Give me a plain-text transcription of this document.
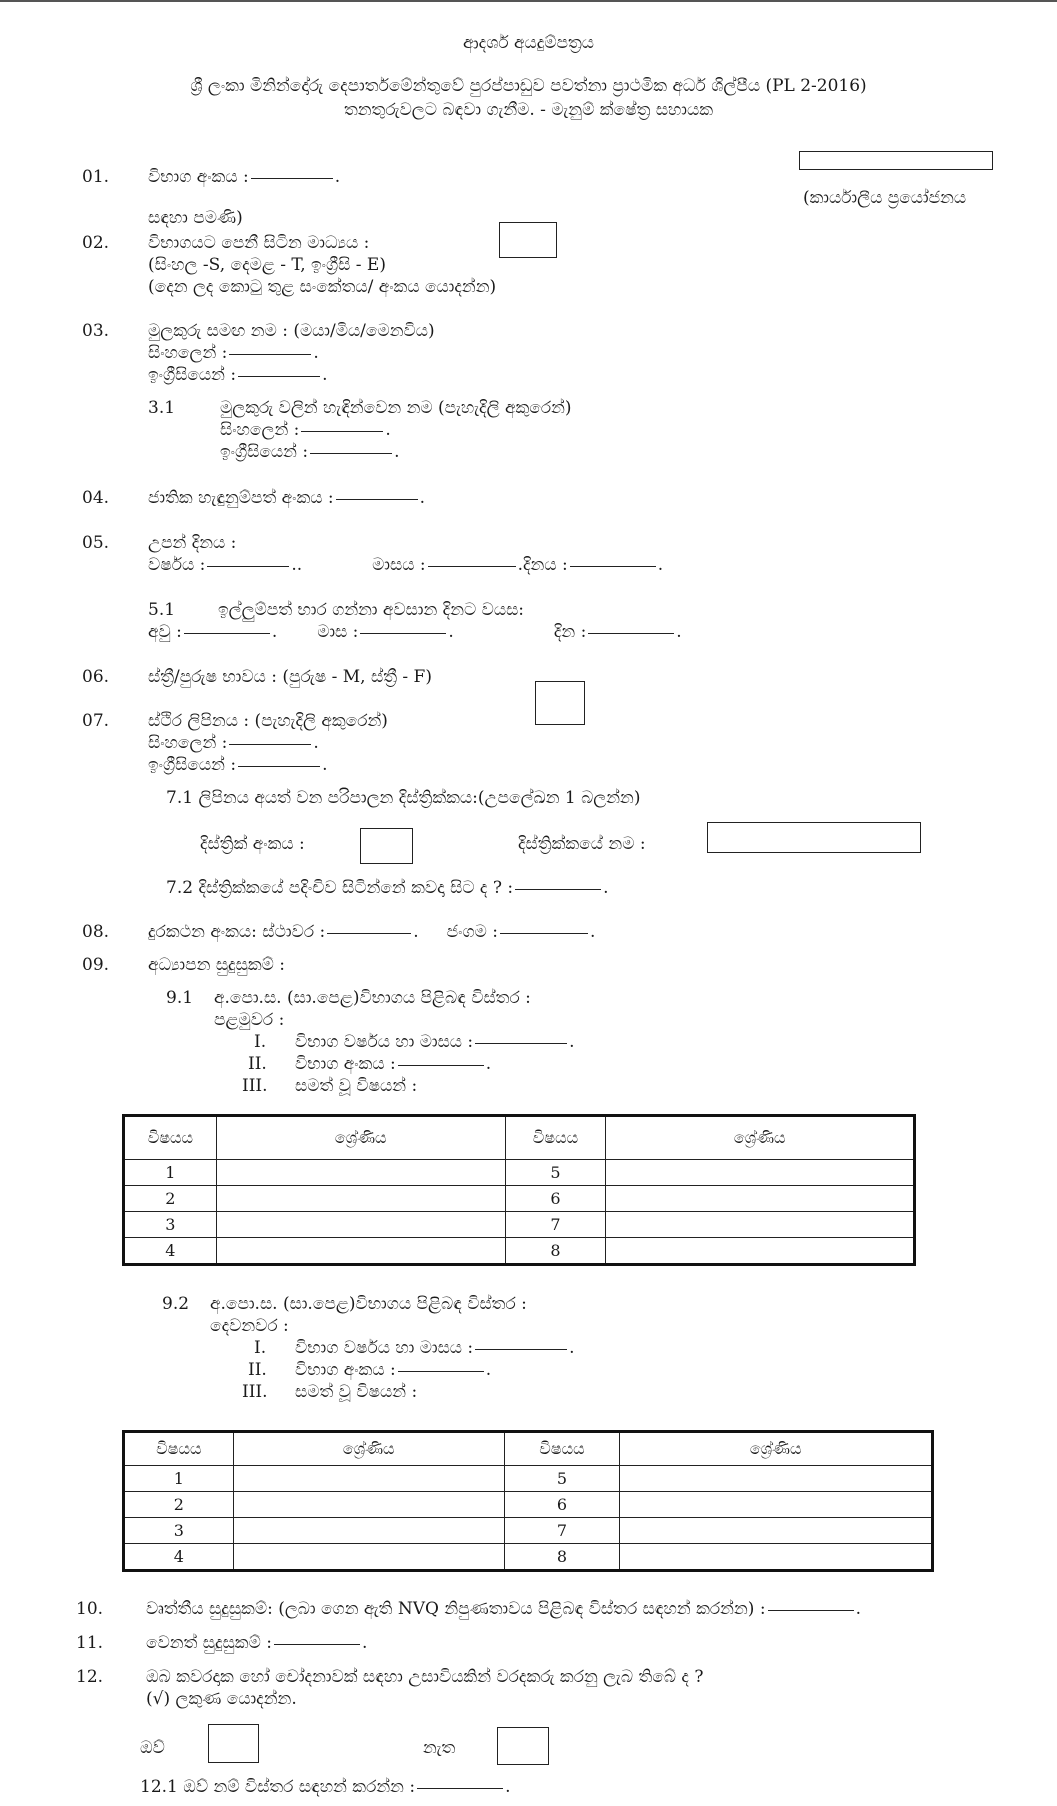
ආදර්ශ අයදුම්පත්‍රය
ශ්‍රී ලංකා මිනින්දෝරු දෙපාර්තමේන්තුවේ පුරප්පාඩුව පවත්නා ප්‍රාථමික අර්ධ ශිල්පීය (PL 2-2016)
තනතුරුවලට බඳවා ගැනීම. - මැනුම් ක්ෂේත්‍ර සහායක
(කාර්යාලීය ප්‍රයෝජනය
01. විභාග අංකය :	.
සඳහා පමණි)
02. විභාගයට පෙනී සිටින මාධ්‍යය :
(සිංහල -S, දෙමළ - T, ඉංග්‍රීසි - E)
(දෙන ලද කොටු තුළ සංකේතය/ අංකය යොදන්න)
03. මුලකුරු සමඟ නම : (මයා/මිය/මෙනවිය)
සිංහලෙන් :	.
ඉංග්‍රීසියෙන් :	.
3.1	මුලකුරු වලින් හැඳින්වෙන නම (පැහැදිලි අකුරෙන්)
සිංහලෙන් :	.
ඉංග්‍රීසියෙන් :	.
04. ජාතික හැඳුනුම්පත් අංකය :	.
05. උපන් දිනය :
වර්ෂය :	..	මාසය :	.දිනය :	.
5.1	ඉල්ලුම්පත් භාර ගන්නා අවසාන දිනට වයස:
අවු :	. මාස :	.	දින :	.
06. ස්ත්‍රී/පුරුෂ භාවය : (පුරුෂ - M, ස්ත්‍රී - F)
07. ස්ථිර ලිපිනය : (පැහැදිලි අකුරෙන්)
සිංහලෙන් :	.
ඉංග්‍රීසියෙන් :	.
7.1 ලිපිනය අයත් වන පරිපාලන දිස්ත්‍රික්කය:(උපලේඛන 1 බලන්න)
දිස්ත්‍රික් අංකය :	දිස්ත්‍රික්කයේ නම :
7.2 දිස්ත්‍රික්කයේ පදිංචිව සිටින්නේ කවදා සිට ද ? :	.
08. දුරකථන අංකය: ස්ථාවර :	. ජංගම :	.
09. අධ්‍යාපන සුදුසුකම් :
9.1 අ.පො.ස. (සා.පෙළ)විභාගය පිළිබඳ විස්තර :
පළමුවර :
I. විභාග වර්ෂය හා මාසය :	.
II. විභාග අංකය :	.
III. සමත් වූ විෂයන් :
විෂයය	ශ්‍රේණිය	විෂයය	ශ්‍රේණිය
1		5	
2		6	
3		7	
4		8	
9.2 අ.පො.ස. (සා.පෙළ)විභාගය පිළිබඳ විස්තර :
දෙවනවර :
I. විභාග වර්ෂය හා මාසය :	.
II. විභාග අංකය :	.
III. සමත් වූ විෂයන් :
විෂයය	ශ්‍රේණිය	විෂයය	ශ්‍රේණිය
1		5	
2		6	
3		7	
4		8	
10.	වෘත්තීය සුදුසුකම්: (ලබා ගෙන ඇති NVQ නිපුණතාවය පිළිබඳ විස්තර සඳහන් කරන්න) :	.
11.	වෙනත් සුදුසුකම් :	.
12.	ඔබ කවරදාක හෝ චෝදනාවක් සඳහා උසාවියකින් වරදකරු කරනු ලැබ තිබේ ද ?
(√) ලකුණ යොදන්න.
ඔව්	නැත
12.1 ඔව් නම් විස්තර සඳහන් කරන්න :	.
